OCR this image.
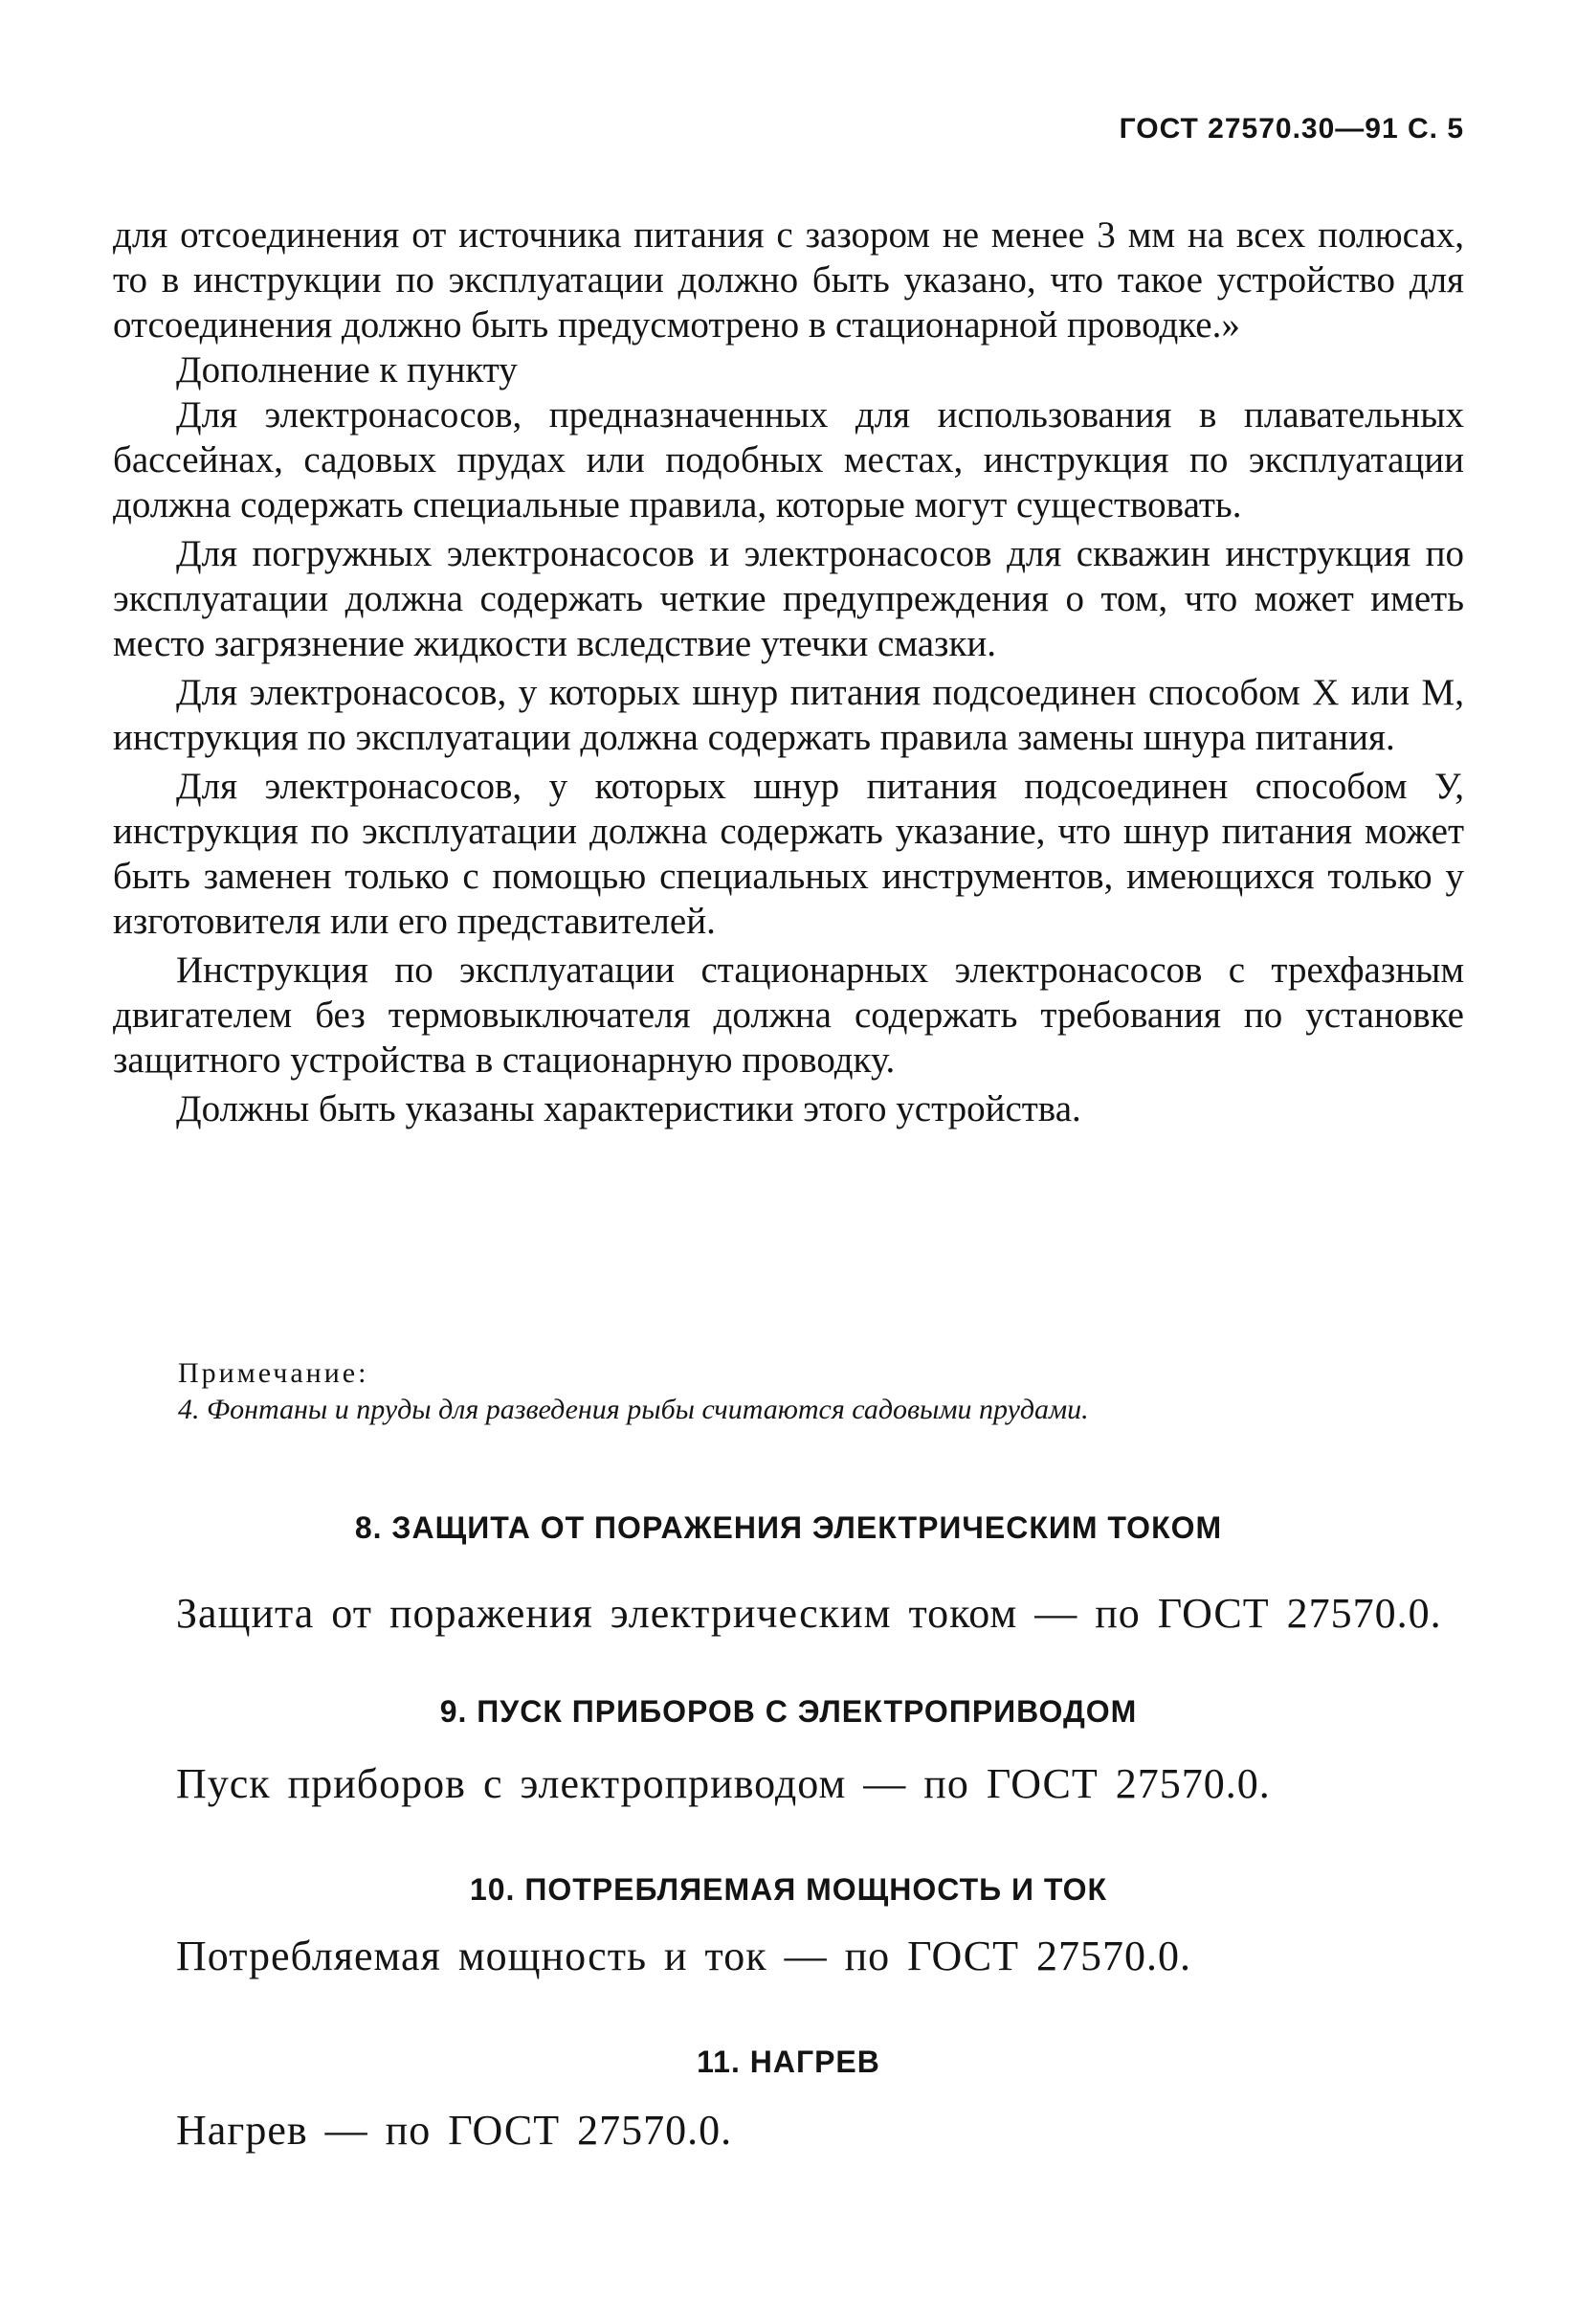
ГОСТ 27570.30—91 С. 5

для отсоединения от источника питания с зазором не менее 3 мм на всех полюсах, то в инструкции по эксплуатации должно быть указано, что такое устройство для отсоединения должно быть предусмотрено в стационарной проводке.»

Дополнение к пункту

Для электронасосов, предназначенных для использования в плавательных бассейнах, садовых прудах или подобных местах, инструкция по эксплуатации должна содержать специальные правила, которые могут существовать.

Для погружных электронасосов и электронасосов для скважин инструкция по эксплуатации должна содержать четкие предупреждения о том, что может иметь место загрязнение жидкости вследствие утечки смазки.

Для электронасосов, у которых шнур питания подсоединен способом X или M, инструкция по эксплуатации должна содержать правила замены шнура питания.

Для электронасосов, у которых шнур питания подсоединен способом У, инструкция по эксплуатации должна содержать указание, что шнур питания может быть заменен только с помощью специальных инструментов, имеющихся только у изготовителя или его представителей.

Инструкция по эксплуатации стационарных электронасосов с трехфазным двигателем без термовыключателя должна содержать требования по установке защитного устройства в стационарную проводку.

Должны быть указаны характеристики этого устройства.

Примечание:
4. Фонтаны и пруды для разведения рыбы считаются садовыми прудами.
8. ЗАЩИТА ОТ ПОРАЖЕНИЯ ЭЛЕКТРИЧЕСКИМ ТОКОМ
Защита от поражения электрическим током — по ГОСТ 27570.0.
9. ПУСК ПРИБОРОВ С ЭЛЕКТРОПРИВОДОМ
Пуск приборов с электроприводом — по ГОСТ 27570.0.
10. ПОТРЕБЛЯЕМАЯ МОЩНОСТЬ И ТОК
Потребляемая мощность и ток — по ГОСТ 27570.0.
11. НАГРЕВ
Нагрев — по ГОСТ 27570.0.
